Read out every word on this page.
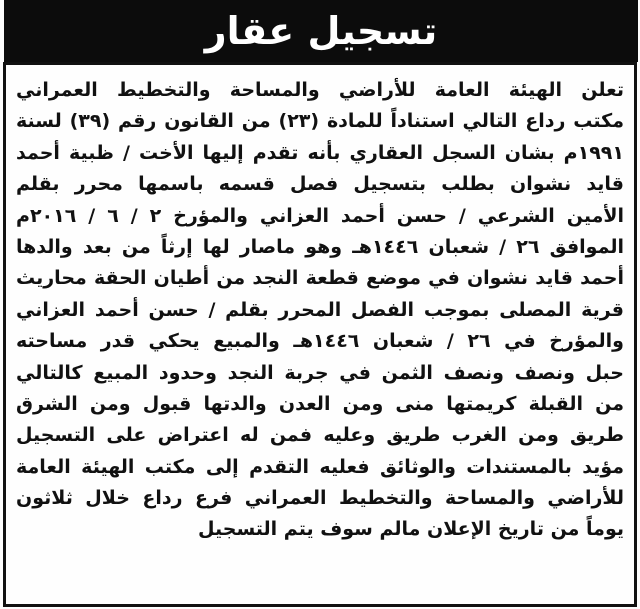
تسجيل عقار
تعلن الهيئة العامة للأراضي والمساحة والتخطيط العمراني
مكتب رداع التالي استناداً للمادة (٢٣) من القانون رقم (٣٩) لسنة
١٩٩١م بشان السجل العقاري بأنه تقدم إليها الأخت / ظبية أحمد
قايد نشوان بطلب بتسجيل فصل قسمه باسمها محرر بقلم
الأمين الشرعي / حسن أحمد العزاني والمؤرخ ٢ / ٦ / ٢٠١٦م
الموافق ٢٦ / شعبان ١٤٤٦هـ وهو ماصار لها إرثاً من بعد والدها
أحمد قايد نشوان في موضع قطعة النجد من أطيان الحقة محاريث
قرية المصلى بموجب الفصل المحرر بقلم / حسن أحمد العزاني
والمؤرخ في ٢٦ / شعبان ١٤٤٦هـ والمبيع يحكي قدر مساحته
حبل ونصف ونصف الثمن في جربة النجد وحدود المبيع كالتالي
من القبلة كريمتها منى ومن العدن والدتها قبول ومن الشرق
طريق ومن الغرب طريق وعليه فمن له اعتراض على التسجيل
مؤيد بالمستندات والوثائق فعليه التقدم إلى مكتب الهيئة العامة
للأراضي والمساحة والتخطيط العمراني فرع رداع خلال ثلاثون
يوماً من تاريخ الإعلان مالم سوف يتم التسجيل
